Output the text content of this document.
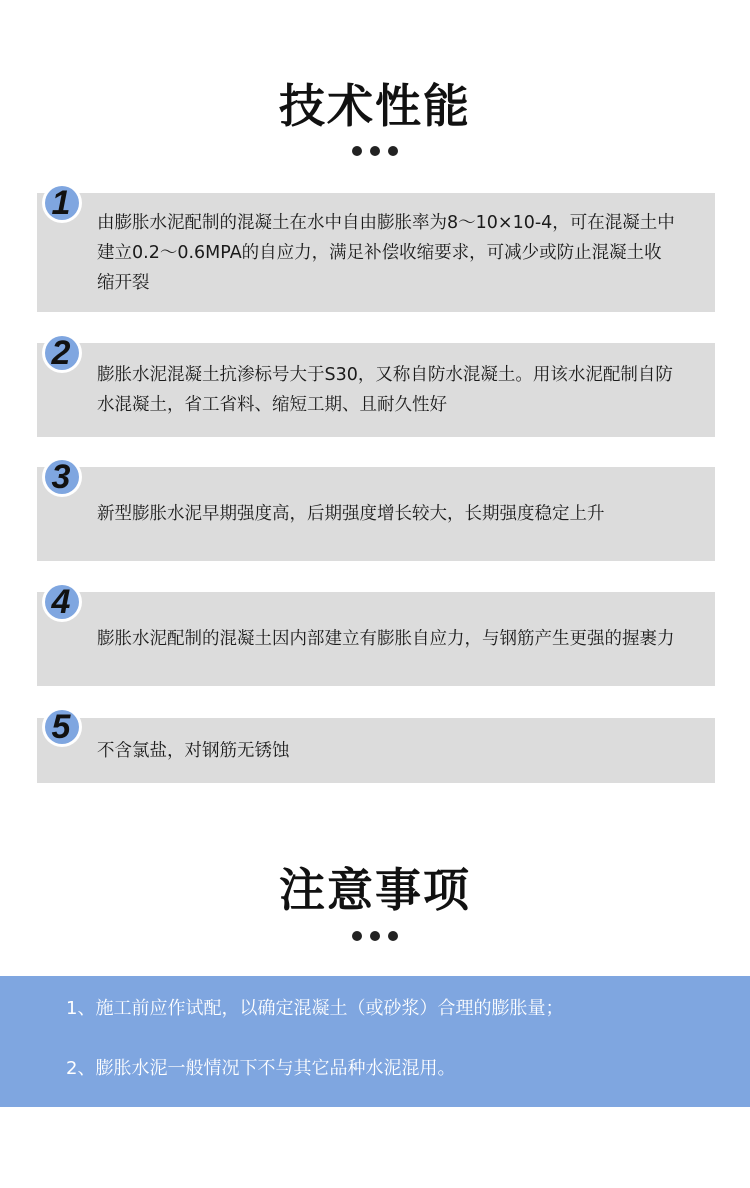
技术性能
由膨胀水泥配制的混凝土在水中自由膨胀率为8～10×10-4，可在混凝土中建立0.2～0.6MPA的自应力，满足补偿收缩要求，可减少或防止混凝土收缩开裂
1
膨胀水泥混凝土抗渗标号大于S30，又称自防水混凝土。用该水泥配制自防水混凝土，省工省料、缩短工期、且耐久性好
2
新型膨胀水泥早期强度高，后期强度增长较大，长期强度稳定上升
3
膨胀水泥配制的混凝土因内部建立有膨胀自应力，与钢筋产生更强的握裹力
4
不含氯盐，对钢筋无锈蚀
5
注意事项
1、施工前应作试配，以确定混凝土（或砂浆）合理的膨胀量；
2、膨胀水泥一般情况下不与其它品种水泥混用。
